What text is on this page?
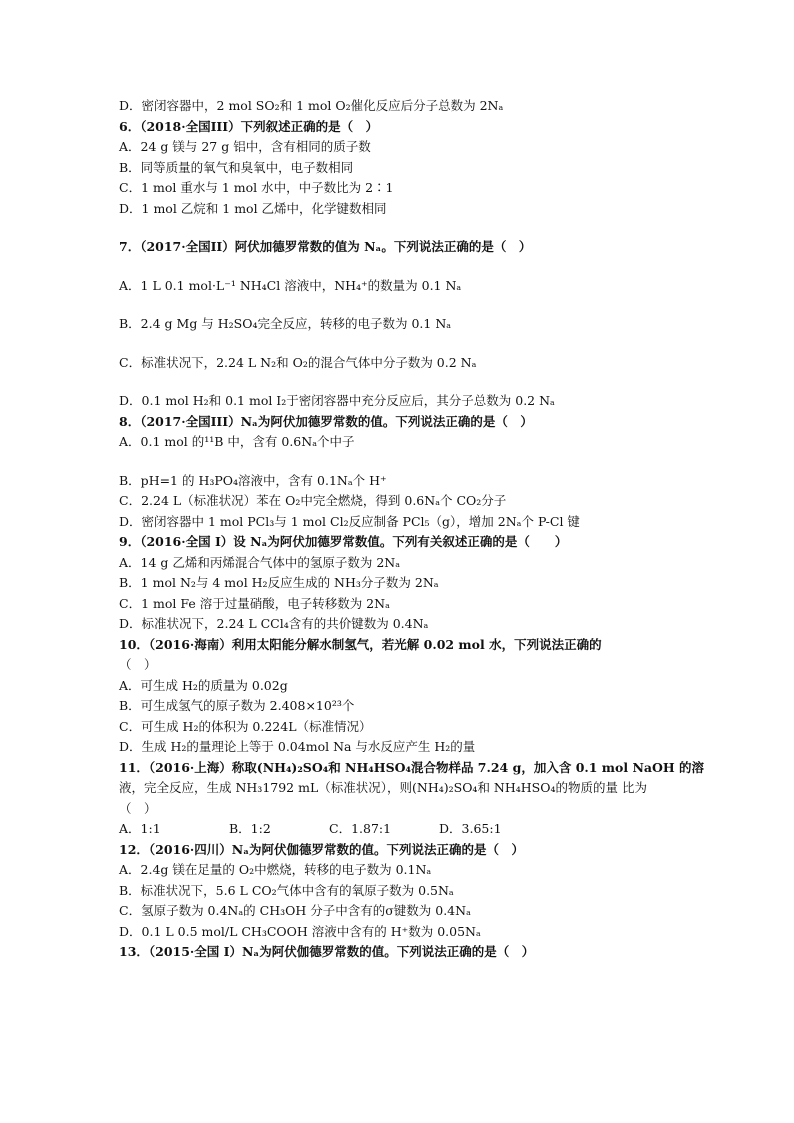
D．密闭容器中，2 mol SO₂和 1 mol O₂催化反应后分子总数为 2Nₐ
6．（2018·全国III）下列叙述正确的是（　）
A．24 g 镁与 27 g 铝中，含有相同的质子数
B．同等质量的氧气和臭氧中，电子数相同
C．1 mol 重水与 1 mol 水中，中子数比为 2∶1
D．1 mol 乙烷和 1 mol 乙烯中，化学键数相同
7．（2017·全国II）阿伏加德罗常数的值为 Nₐ。下列说法正确的是（　）
A．1 L 0.1 mol·L⁻¹ NH₄Cl 溶液中，NH₄⁺的数量为 0.1 Nₐ
B．2.4 g Mg 与 H₂SO₄完全反应，转移的电子数为 0.1 Nₐ
C．标准状况下，2.24 L N₂和 O₂的混合气体中分子数为 0.2 Nₐ
D．0.1 mol H₂和 0.1 mol I₂于密闭容器中充分反应后，其分子总数为 0.2 Nₐ
8．（2017·全国III）Nₐ为阿伏加德罗常数的值。下列说法正确的是（　）
A．0.1 mol 的¹¹B 中，含有 0.6Nₐ个中子
B．pH=1 的 H₃PO₄溶液中，含有 0.1Nₐ个 H⁺
C．2.24 L（标准状况）苯在 O₂中完全燃烧，得到 0.6Nₐ个 CO₂分子
D．密闭容器中 1 mol PCl₃与 1 mol Cl₂反应制备 PCl₅（g），增加 2Nₐ个 P-Cl 键
9．（2016·全国 I）设 Nₐ为阿伏加德罗常数值。下列有关叙述正确的是（　　）
A．14 g 乙烯和丙烯混合气体中的氢原子数为 2Nₐ
B．1 mol N₂与 4 mol H₂反应生成的 NH₃分子数为 2Nₐ
C．1 mol Fe 溶于过量硝酸，电子转移数为 2Nₐ
D．标准状况下，2.24 L CCl₄含有的共价键数为 0.4Nₐ
10．（2016·海南）利用太阳能分解水制氢气，若光解 0.02 mol 水，下列说法正确的
（　）
A．可生成 H₂的质量为 0.02g
B．可生成氢气的原子数为 2.408×10²³个
C．可生成 H₂的体积为 0.224L（标准情况）
D．生成 H₂的量理论上等于 0.04mol Na 与水反应产生 H₂的量
11．（2016·上海）称取(NH₄)₂SO₄和 NH₄HSO₄混合物样品 7.24 g，加入含 0.1 mol NaOH 的溶
液，完全反应，生成 NH₃1792 mL（标准状况），则(NH₄)₂SO₄和 NH₄HSO₄的物质的量 比为
（　）
A．1:1	B．1:2	C．1.87:1	D．3.65:1
12．（2016·四川）Nₐ为阿伏伽德罗常数的值。下列说法正确的是（　）
A．2.4g 镁在足量的 O₂中燃烧，转移的电子数为 0.1Nₐ
B．标准状况下，5.6 L CO₂气体中含有的氧原子数为 0.5Nₐ
C．氢原子数为 0.4Nₐ的 CH₃OH 分子中含有的σ键数为 0.4Nₐ
D．0.1 L 0.5 mol/L CH₃COOH 溶液中含有的 H⁺数为 0.05Nₐ
13．（2015·全国 I）Nₐ为阿伏伽德罗常数的值。下列说法正确的是（　）
